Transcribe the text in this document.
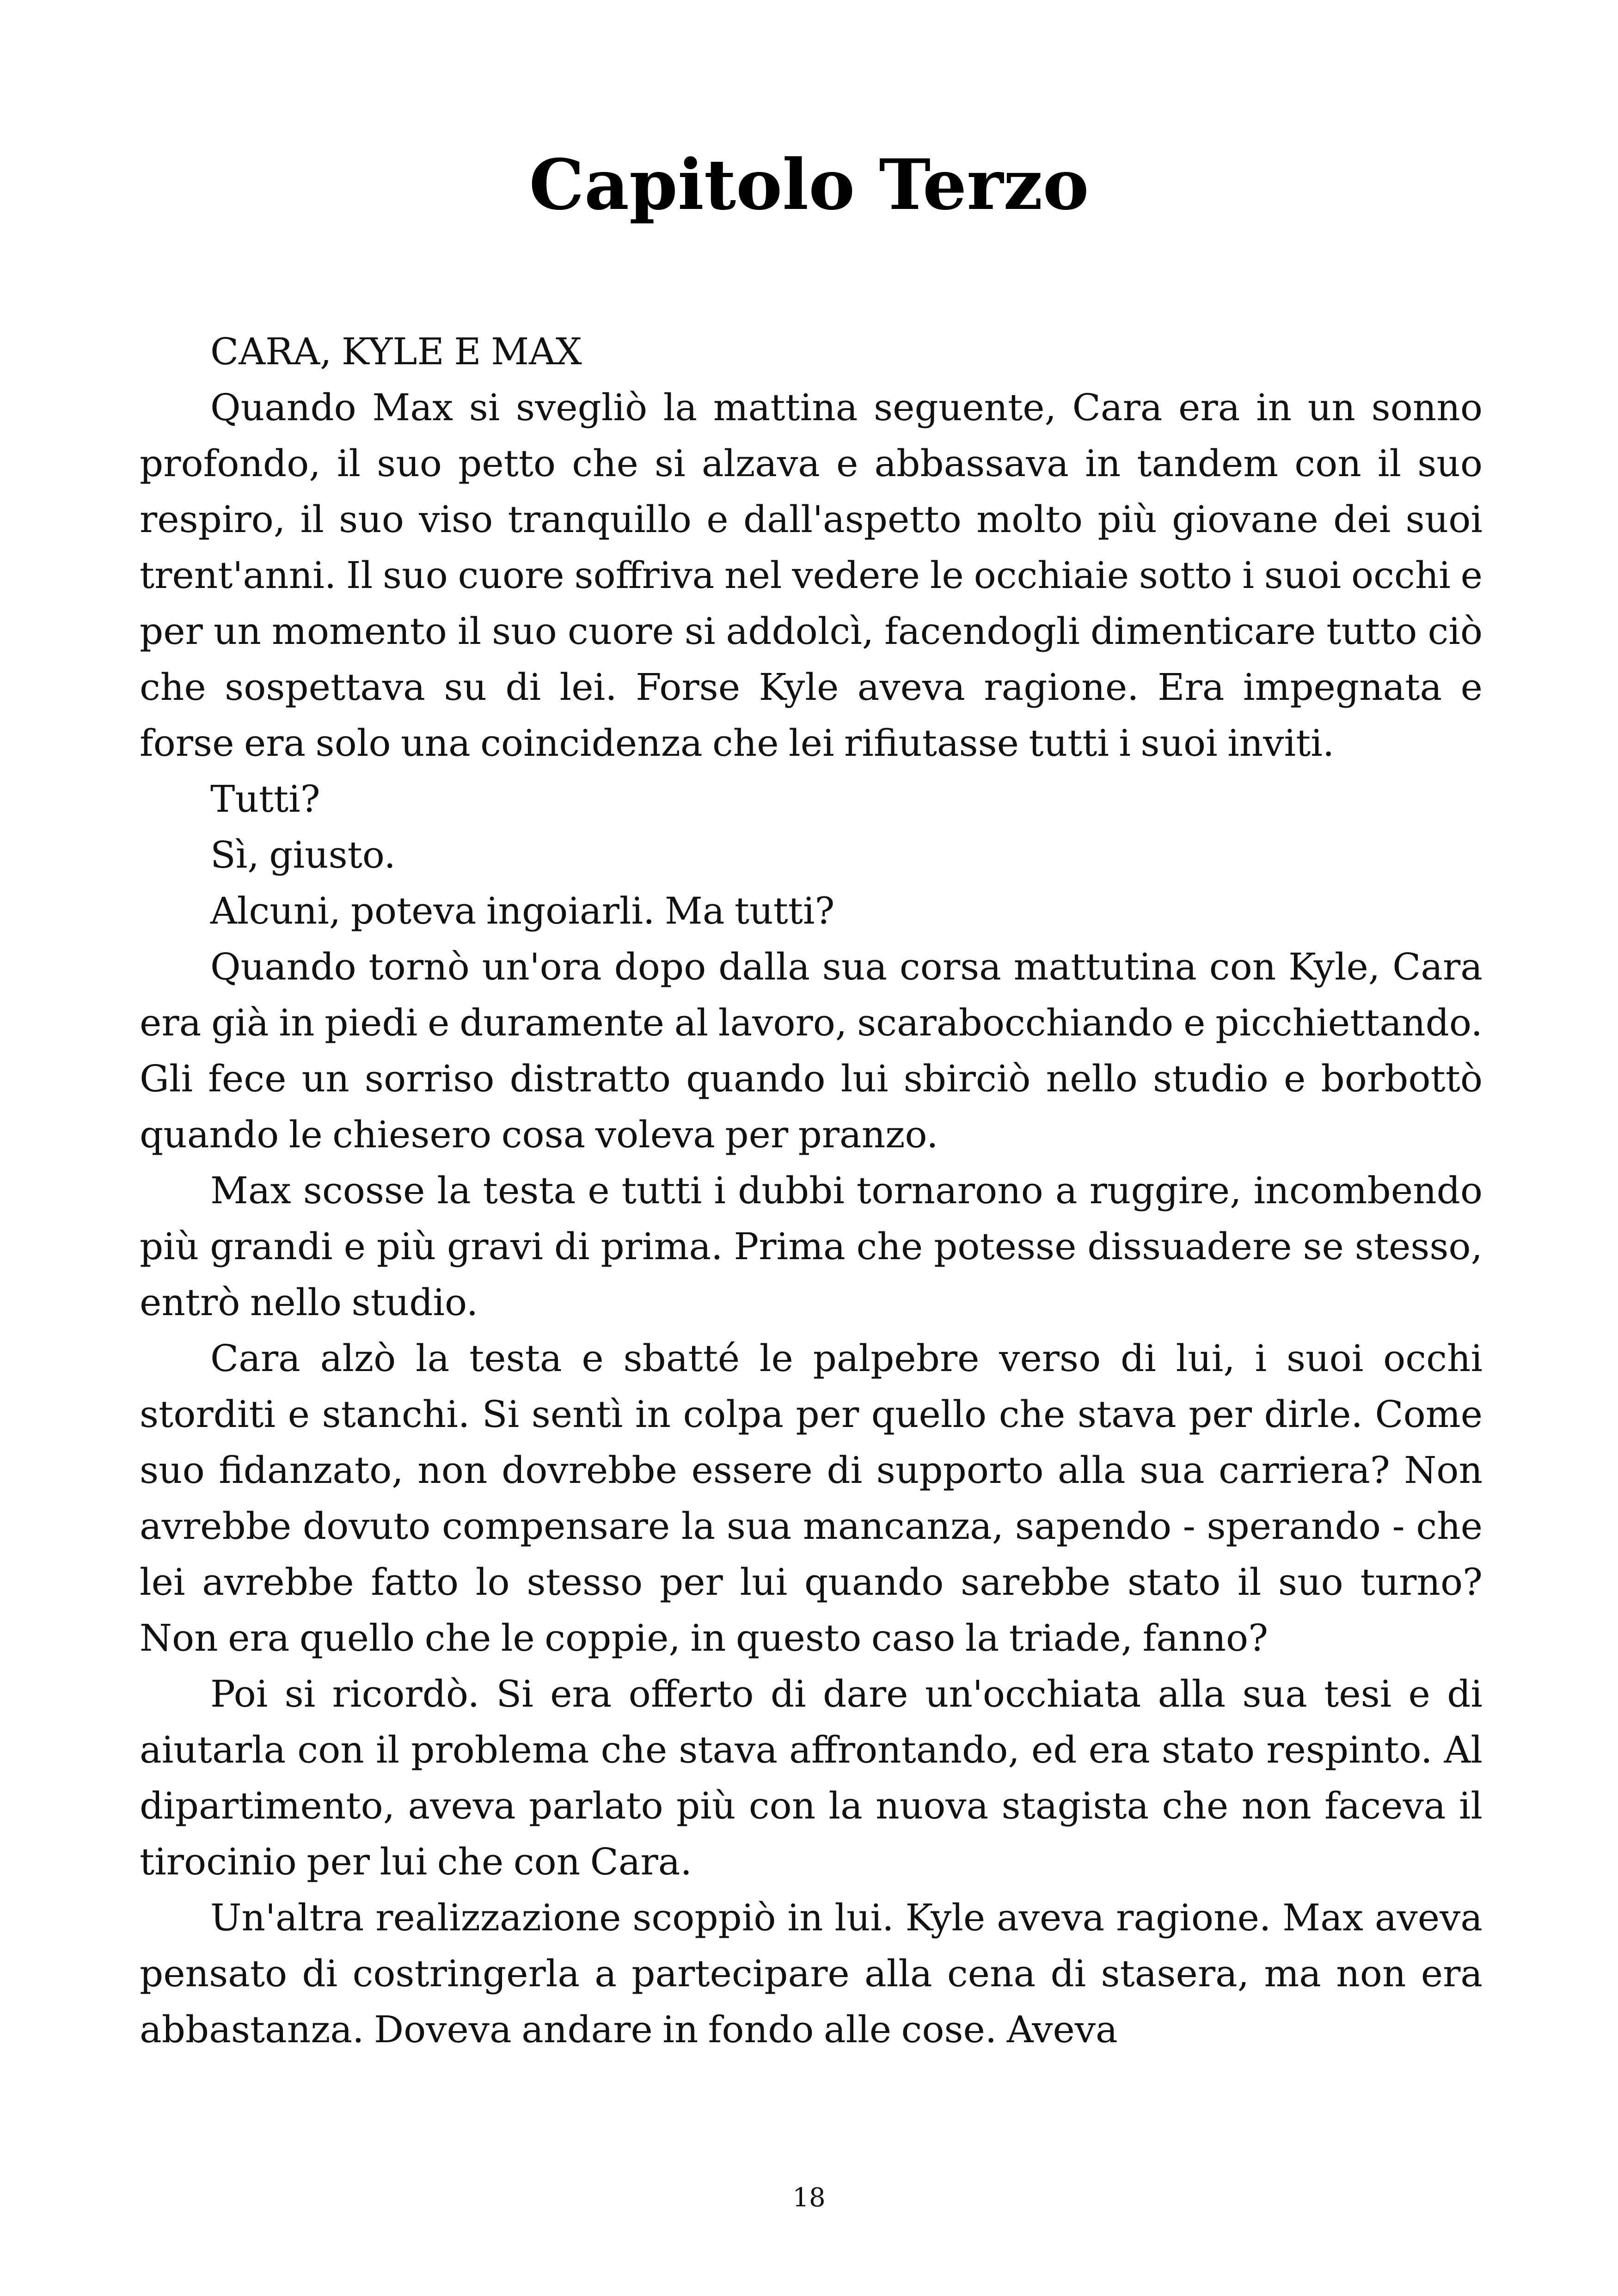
Capitolo Terzo

CARA, KYLE E MAX

Quando Max si svegliò la mattina seguente, Cara era in un sonno profondo, il suo petto che si alzava e abbassava in tandem con il suo respiro, il suo viso tranquillo e dall'aspetto molto più giovane dei suoi trent'anni. Il suo cuore soffriva nel vedere le occhiaie sotto i suoi occhi e per un momento il suo cuore si addolcì, facendogli dimenticare tutto ciò che sospettava su di lei. Forse Kyle aveva ragione. Era impegnata e forse era solo una coincidenza che lei rifiutasse tutti i suoi inviti.

Tutti?

Sì, giusto.

Alcuni, poteva ingoiarli. Ma tutti?

Quando tornò un'ora dopo dalla sua corsa mattutina con Kyle, Cara era già in piedi e duramente al lavoro, scarabocchiando e picchiettando. Gli fece un sorriso distratto quando lui sbirciò nello studio e borbottò quando le chiesero cosa voleva per pranzo.

Max scosse la testa e tutti i dubbi tornarono a ruggire, incombendo più grandi e più gravi di prima. Prima che potesse dissuadere se stesso, entrò nello studio.

Cara alzò la testa e sbatté le palpebre verso di lui, i suoi occhi storditi e stanchi. Si sentì in colpa per quello che stava per dirle. Come suo fidanzato, non dovrebbe essere di supporto alla sua carriera? Non avrebbe dovuto compensare la sua mancanza, sapendo - sperando - che lei avrebbe fatto lo stesso per lui quando sarebbe stato il suo turno? Non era quello che le coppie, in questo caso la triade, fanno?

Poi si ricordò. Si era offerto di dare un'occhiata alla sua tesi e di aiutarla con il problema che stava affrontando, ed era stato respinto. Al dipartimento, aveva parlato più con la nuova stagista che non faceva il tirocinio per lui che con Cara.

Un'altra realizzazione scoppiò in lui. Kyle aveva ragione. Max aveva pensato di costringerla a partecipare alla cena di stasera, ma non era abbastanza. Doveva andare in fondo alle cose. Aveva

18
